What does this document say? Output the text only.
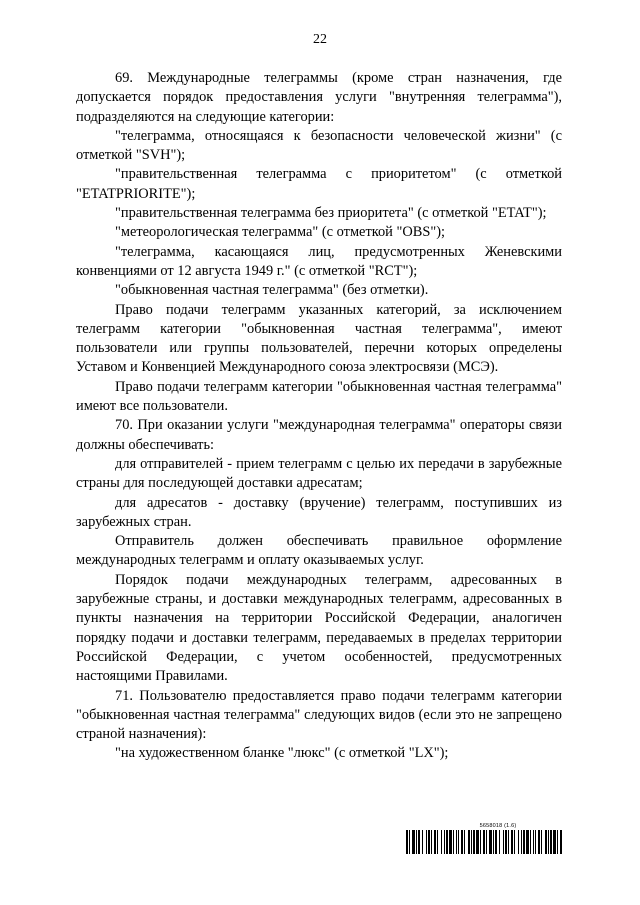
22

69. Международные телеграммы (кроме стран назначения, где допускается порядок предоставления услуги "внутренняя телеграмма"), подразделяются на следующие категории:

"телеграмма, относящаяся к безопасности человеческой жизни" (с отметкой "SVH");

"правительственная телеграмма с приоритетом" (с отметкой "ETATPRIORITE");

"правительственная телеграмма без приоритета" (с отметкой "ETAT");

"метеорологическая телеграмма" (с отметкой "OBS");

"телеграмма, касающаяся лиц, предусмотренных Женевскими конвенциями от 12 августа 1949 г." (с отметкой "RCT");

"обыкновенная частная телеграмма" (без отметки).

Право подачи телеграмм указанных категорий, за исключением телеграмм категории "обыкновенная частная телеграмма", имеют пользователи или группы пользователей, перечни которых определены Уставом и Конвенцией Международного союза электросвязи (МСЭ).

Право подачи телеграмм категории "обыкновенная частная телеграмма" имеют все пользователи.

70. При оказании услуги "международная телеграмма" операторы связи должны обеспечивать:

для отправителей - прием телеграмм с целью их передачи в зарубежные страны для последующей доставки адресатам;

для адресатов - доставку (вручение) телеграмм, поступивших из зарубежных стран.

Отправитель должен обеспечивать правильное оформление международных телеграмм и оплату оказываемых услуг.

Порядок подачи международных телеграмм, адресованных в зарубежные страны, и доставки международных телеграмм, адресованных в пункты назначения на территории Российской Федерации, аналогичен порядку подачи и доставки телеграмм, передаваемых в пределах территории Российской Федерации, с учетом особенностей, предусмотренных настоящими Правилами.

71. Пользователю предоставляется право подачи телеграмм категории "обыкновенная частная телеграмма" следующих видов (если это не запрещено страной назначения):

"на художественном бланке "люкс" (с отметкой "LX");

5658018 (1.6)
